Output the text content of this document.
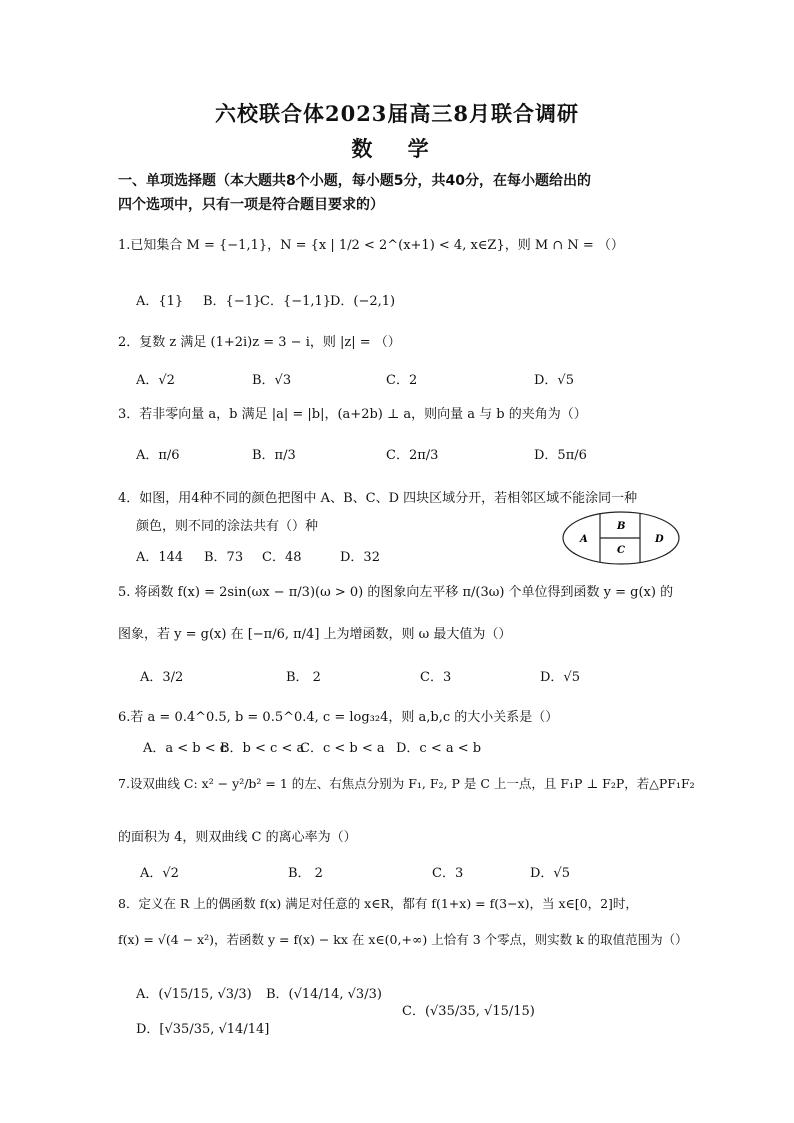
六校联合体2023届高三8月联合调研
数 学
一、单项选择题（本大题共8个小题，每小题5分，共40分，在每小题给出的
四个选项中，只有一项是符合题目要求的）
1.已知集合 M = {−1,1}，N = {x | 1/2 < 2^(x+1) < 4, x∈Z}，则 M ∩ N = （）
A．{1} B．{−1}
C．{−1,1}
D．(−2,1)
2．复数 z 满足 (1+2i)z = 3 − i，则 |z| = （）
A．√2	B．√3	C．2	D．√5
3．若非零向量 a，b 满足 |a| = |b|，(a+2b) ⊥ a，则向量 a 与 b 的夹角为（）
A．π/6	B．π/3	C．2π/3	D．5π/6
4．如图，用4种不同的颜色把图中 A、B、C、D 四块区域分开，若相邻区域不能涂同一种
颜色，则不同的涂法共有（）种
A．144 B．73 C．48	D．32
A
B
C
D
5. 将函数 f(x) = 2sin(ωx − π/3)(ω > 0) 的图象向左平移 π/(3ω) 个单位得到函数 y = g(x) 的
图象，若 y = g(x) 在 [−π/6, π/4] 上为增函数，则 ω 最大值为（）
A．3/2	B． 2	C．3	D．√5
6.若 a = 0.4^0.5, b = 0.5^0.4, c = log₃₂4，则 a,b,c 的大小关系是（）
A．a < b < c
B．b < c < a
C．c < b < a D．c < a < b
7.设双曲线 C: x² − y²/b² = 1 的左、右焦点分别为 F₁, F₂, P 是 C 上一点，且 F₁P ⊥ F₂P，若△PF₁F₂
的面积为 4，则双曲线 C 的离心率为（）
A．√2	B． 2	C．3	D．√5
8．定义在 R 上的偶函数 f(x) 满足对任意的 x∈R，都有 f(1+x) = f(3−x)，当 x∈[0，2]时，
f(x) = √(4 − x²)，若函数 y = f(x) − kx 在 x∈(0,+∞) 上恰有 3 个零点，则实数 k 的取值范围为（）
A．(√15/15, √3/3) B．(√14/14, √3/3)
C．(√35/35, √15/15)
D．[√35/35, √14/14]
